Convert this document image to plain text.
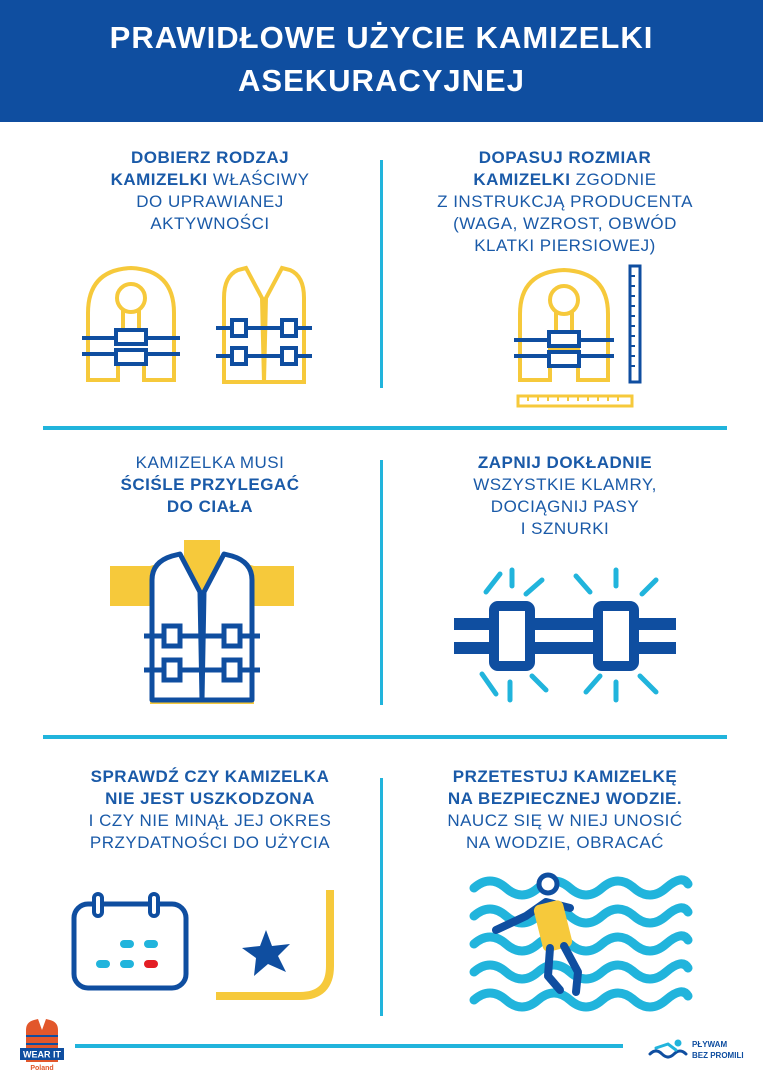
PRAWIDŁOWE UŻYCIE KAMIZELKI
ASEKURACYJNEJ
DOBIERZ RODZAJ
KAMIZELKI WŁAŚCIWY
DO UPRAWIANEJ
AKTYWNOŚCI
DOPASUJ ROZMIAR
KAMIZELKI ZGODNIE
Z INSTRUKCJĄ PRODUCENTA
(WAGA, WZROST, OBWÓD
KLATKI PIERSIOWEJ)
KAMIZELKA MUSI
ŚCIŚLE PRZYLEGAĆ
DO CIAŁA
ZAPNIJ DOKŁADNIE
WSZYSTKIE KLAMRY,
DOCIĄGNIJ PASY
I SZNURKI
SPRAWDŹ CZY KAMIZELKA
NIE JEST USZKODZONA
I CZY NIE MINĄŁ JEJ OKRES
PRZYDATNOŚCI DO UŻYCIA
PRZETESTUJ KAMIZELKĘ
NA BEZPIECZNEJ WODZIE.
NAUCZ SIĘ W NIEJ UNOSIĆ
NA WODZIE, OBRACAĆ
WEAR IT
Poland
PŁYWAM
BEZ PROMILI
